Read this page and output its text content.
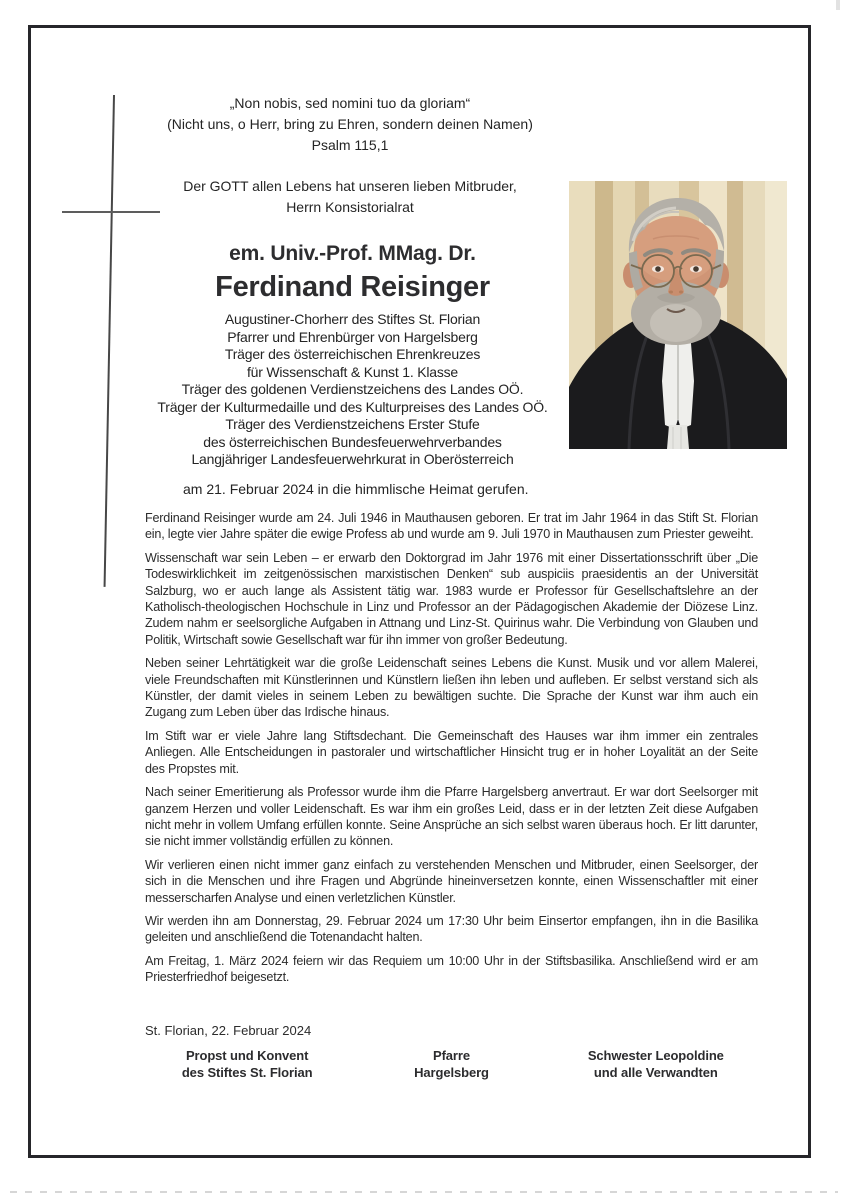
„Non nobis, sed nomini tuo da gloriam“
(Nicht uns, o Herr, bring zu Ehren, sondern deinen Namen)
Psalm 115,1
Der GOTT allen Lebens hat unseren lieben Mitbruder,
Herrn Konsistorialrat
em. Univ.-Prof. MMag. Dr.
Ferdinand Reisinger
Augustiner-Chorherr des Stiftes St. Florian
Pfarrer und Ehrenbürger von Hargelsberg
Träger des österreichischen Ehrenkreuzes
für Wissenschaft & Kunst 1. Klasse
Träger des goldenen Verdienstzeichens des Landes OÖ.
Träger der Kulturmedaille und des Kulturpreises des Landes OÖ.
Träger des Verdienstzeichens Erster Stufe
des österreichischen Bundesfeuerwehrverbandes
Langjähriger Landesfeuerwehrkurat in Oberösterreich
am 21. Februar 2024 in die himmlische Heimat gerufen.

Ferdinand Reisinger wurde am 24. Juli 1946 in Mauthausen geboren. Er trat im Jahr 1964 in das Stift St. Florian ein, legte vier Jahre später die ewige Profess ab und wurde am 9. Juli 1970 in Mauthausen zum Priester geweiht.

Wissenschaft war sein Leben – er erwarb den Doktorgrad im Jahr 1976 mit einer Dissertationsschrift über „Die Todeswirklichkeit im zeitgenössischen marxistischen Denken“ sub auspiciis praesidentis an der Universität Salzburg, wo er auch lange als Assistent tätig war. 1983 wurde er Professor für Gesellschaftslehre an der Katholisch-theologischen Hochschule in Linz und Professor an der Pädagogischen Akademie der Diözese Linz. Zudem nahm er seelsorgliche Aufgaben in Attnang und Linz-St. Quirinus wahr. Die Verbindung von Glauben und Politik, Wirtschaft sowie Gesellschaft war für ihn immer von großer Bedeutung.

Neben seiner Lehrtätigkeit war die große Leidenschaft seines Lebens die Kunst. Musik und vor allem Malerei, viele Freundschaften mit Künstlerinnen und Künstlern ließen ihn leben und aufleben. Er selbst verstand sich als Künstler, der damit vieles in seinem Leben zu bewältigen suchte. Die Sprache der Kunst war ihm auch ein Zugang zum Leben über das Irdische hinaus.

Im Stift war er viele Jahre lang Stiftsdechant. Die Gemeinschaft des Hauses war ihm immer ein zentrales Anliegen. Alle Entscheidungen in pastoraler und wirtschaftlicher Hinsicht trug er in hoher Loyalität an der Seite des Propstes mit.

Nach seiner Emeritierung als Professor wurde ihm die Pfarre Hargelsberg anvertraut. Er war dort Seelsorger mit ganzem Herzen und voller Leidenschaft. Es war ihm ein großes Leid, dass er in der letzten Zeit diese Aufgaben nicht mehr in vollem Umfang erfüllen konnte. Seine Ansprüche an sich selbst waren überaus hoch. Er litt darunter, sie nicht immer vollständig erfüllen zu können.

Wir verlieren einen nicht immer ganz einfach zu verstehenden Menschen und Mitbruder, einen Seelsorger, der sich in die Menschen und ihre Fragen und Abgründe hineinversetzen konnte, einen Wissenschaftler mit einer messerscharfen Analyse und einen verletzlichen Künstler.

Wir werden ihn am Donnerstag, 29. Februar 2024 um 17:30 Uhr beim Einsertor empfangen, ihn in die Basilika geleiten und anschließend die Totenandacht halten.

Am Freitag, 1. März 2024 feiern wir das Requiem um 10:00 Uhr in der Stiftsbasilika. Anschließend wird er am Priesterfriedhof beigesetzt.

St. Florian, 22. Februar 2024
Propst und Konvent
des Stiftes St. Florian
Pfarre
Hargelsberg
Schwester Leopoldine
und alle Verwandten
